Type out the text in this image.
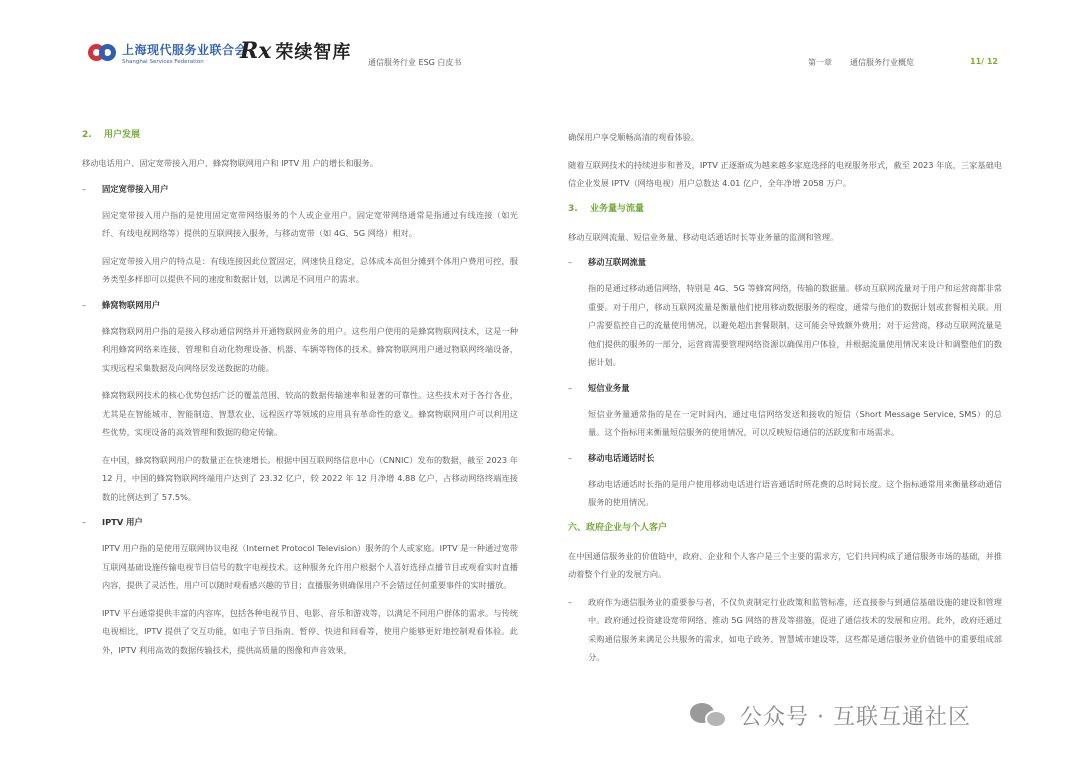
上海现代服务业联合会
Shanghai Services Federation	Rx 荣续智库 通信服务行业 ESG 白皮书	第一章 通信服务行业概览	11/ 12
2. 用户发展

移动电话用户、固定宽带接入用户、蜂窝物联网用户和 IPTV 用 户的增长和服务。

–	固定宽带接入用户

固定宽带接入用户指的是使用固定宽带网络服务的个人或企业用户。固定宽带网络通常是指通过有线连接（如光纤、有线电视网络等）提供的互联网接入服务，与移动宽带（如 4G、5G 网络）相对。

固定宽带接入用户的特点是：有线连接因此位置固定，网速快且稳定，总体成本高但分摊到个体用户费用可控，服务类型多样即可以提供不同的速度和数据计划，以满足不同用户的需求。

–	蜂窝物联网用户

蜂窝物联网用户指的是接入移动通信网络并开通物联网业务的用户。这些用户使用的是蜂窝物联网技术，这是一种利用蜂窝网络来连接、管理和自动化物理设备、机器、车辆等物体的技术。蜂窝物联网用户通过物联网终端设备，实现远程采集数据及向网络层发送数据的功能。

蜂窝物联网技术的核心优势包括广泛的覆盖范围、较高的数据传输速率和显著的可靠性。这些技术对于各行各业，尤其是在智能城市、智能制造、智慧农业、远程医疗等领域的应用具有革命性的意义。蜂窝物联网用户可以利用这些优势，实现设备的高效管理和数据的稳定传输。

在中国，蜂窝物联网用户的数量正在快速增长。根据中国互联网络信息中心（CNNIC）发布的数据，截至 2023 年 12 月，中国的蜂窝物联网终端用户达到了 23.32 亿户，较 2022 年 12 月净增 4.88 亿户，占移动网络终端连接数的比例达到了 57.5%。

–	IPTV 用户

IPTV 用户指的是使用互联网协议电视（Internet Protocol Television）服务的个人或家庭。IPTV 是一种通过宽带互联网基础设施传输电视节目信号的数字电视技术。这种服务允许用户根据个人喜好选择点播节目或观看实时直播内容，提供了灵活性，用户可以随时观看感兴趣的节目；直播服务则确保用户不会错过任何重要事件的实时播放。

IPTV 平台通常提供丰富的内容库，包括各种电视节目、电影、音乐和游戏等，以满足不同用户群体的需求。与传统电视相比，IPTV 提供了交互功能，如电子节目指南、暂停、快进和回看等，使用户能够更好地控制观看体验。此外，IPTV 利用高效的数据传输技术，提供高质量的图像和声音效果，

确保用户享受顺畅高清的观看体验。

随着互联网技术的持续进步和普及，IPTV 正逐渐成为越来越多家庭选择的电视服务形式，截至 2023 年底，三家基础电信企业发展 IPTV（网络电视）用户总数达 4.01 亿户，全年净增 2058 万户。

3. 业务量与流量

移动互联网流量、短信业务量、移动电话通话时长等业务量的监测和管理。

–	移动互联网流量

指的是通过移动通信网络，特别是 4G、5G 等蜂窝网络，传输的数据量。移动互联网流量对于用户和运营商都非常重要。对于用户，移动互联网流量是衡量他们使用移动数据服务的程度，通常与他们的数据计划或套餐相关联。用户需要监控自己的流量使用情况，以避免超出套餐限制，这可能会导致额外费用；对于运营商，移动互联网流量是他们提供的服务的一部分，运营商需要管理网络资源以确保用户体验，并根据流量使用情况来设计和调整他们的数据计划。

–	短信业务量

短信业务量通常指的是在一定时间内，通过电信网络发送和接收的短信（Short Message Service, SMS）的总量。这个指标用来衡量短信服务的使用情况，可以反映短信通信的活跃度和市场需求。

–	移动电话通话时长

移动电话通话时长指的是用户使用移动电话进行语音通话时所花费的总时间长度。这个指标通常用来衡量移动通信服务的使用情况。

六、政府企业与个人客户

在中国通信服务业的价值链中，政府、企业和个人客户是三个主要的需求方，它们共同构成了通信服务市场的基础，并推动着整个行业的发展方向。

–	政府作为通信服务业的重要参与者，不仅负责制定行业政策和监管标准，还直接参与到通信基础设施的建设和管理中。政府通过投资建设宽带网络、推动 5G 网络的普及等措施，促进了通信技术的发展和应用。此外，政府还通过采购通信服务来满足公共服务的需求，如电子政务、智慧城市建设等，这些都是通信服务业价值链中的重要组成部分。
公众号 · 互联互通社区
